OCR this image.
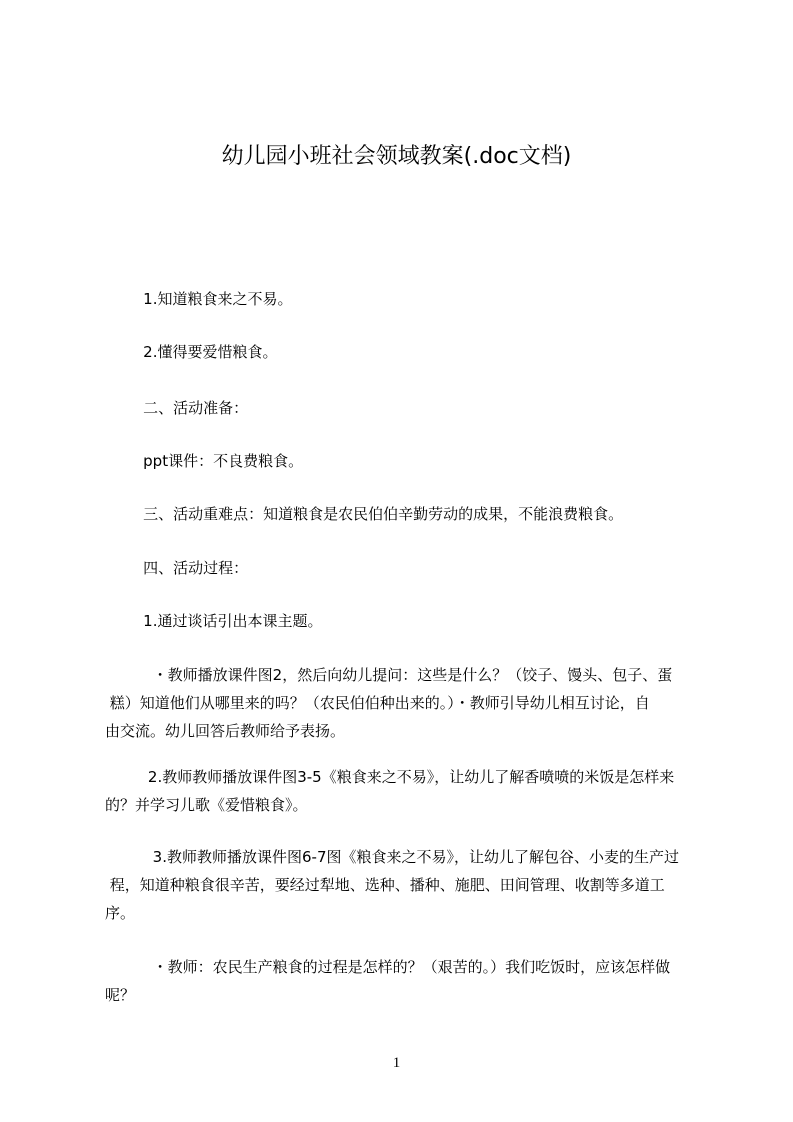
幼儿园小班社会领域教案(.doc文档)
1.知道粮食来之不易。
2.懂得要爱惜粮食。
二、活动准备：
ppt课件：不良费粮食。
三、活动重难点：知道粮食是农民伯伯辛勤劳动的成果，不能浪费粮食。
四、活动过程：
1.通过谈话引出本课主题。
・教师播放课件图2，然后向幼儿提问：这些是什么？（饺子、馒头、包子、蛋
糕）知道他们从哪里来的吗？（农民伯伯种出来的。）・教师引导幼儿相互讨论，自
由交流。幼儿回答后教师给予表扬。
2.教师教师播放课件图3-5《粮食来之不易》，让幼儿了解香喷喷的米饭是怎样来
的？并学习儿歌《爱惜粮食》。
3.教师教师播放课件图6-7图《粮食来之不易》，让幼儿了解包谷、小麦的生产过
程，知道种粮食很辛苦，要经过犁地、选种、播种、施肥、田间管理、收割等多道工
序。
・教师：农民生产粮食的过程是怎样的？（艰苦的。）我们吃饭时，应该怎样做
呢？
1
